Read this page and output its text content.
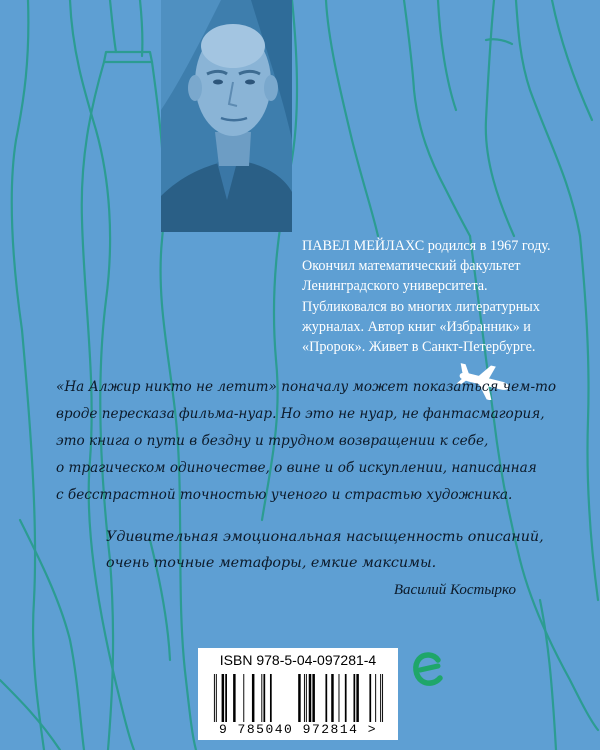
ПАВЕЛ МЕЙЛАХС родился в 1967 году.
Окончил математический факультет
Ленинградского университета.
Публиковался во многих литературных
журналах. Автор книг «Избранник» и
«Пророк». Живет в Санкт-Петербурге.
«На Алжир никто не летит» поначалу может показаться чем-то
вроде пересказа фильма-нуар. Но это не нуар, не фантасмагория,
это книга о пути в бездну и трудном возвращении к себе,
о трагическом одиночестве, о вине и об искуплении, написанная
с бесстрастной точностью ученого и страстью художника.
Удивительная эмоциональная насыщенность описаний,
очень точные метафоры, емкие максимы.
Василий Костырко
ISBN 978-5-04-097281-4
9 785040 972814 >
